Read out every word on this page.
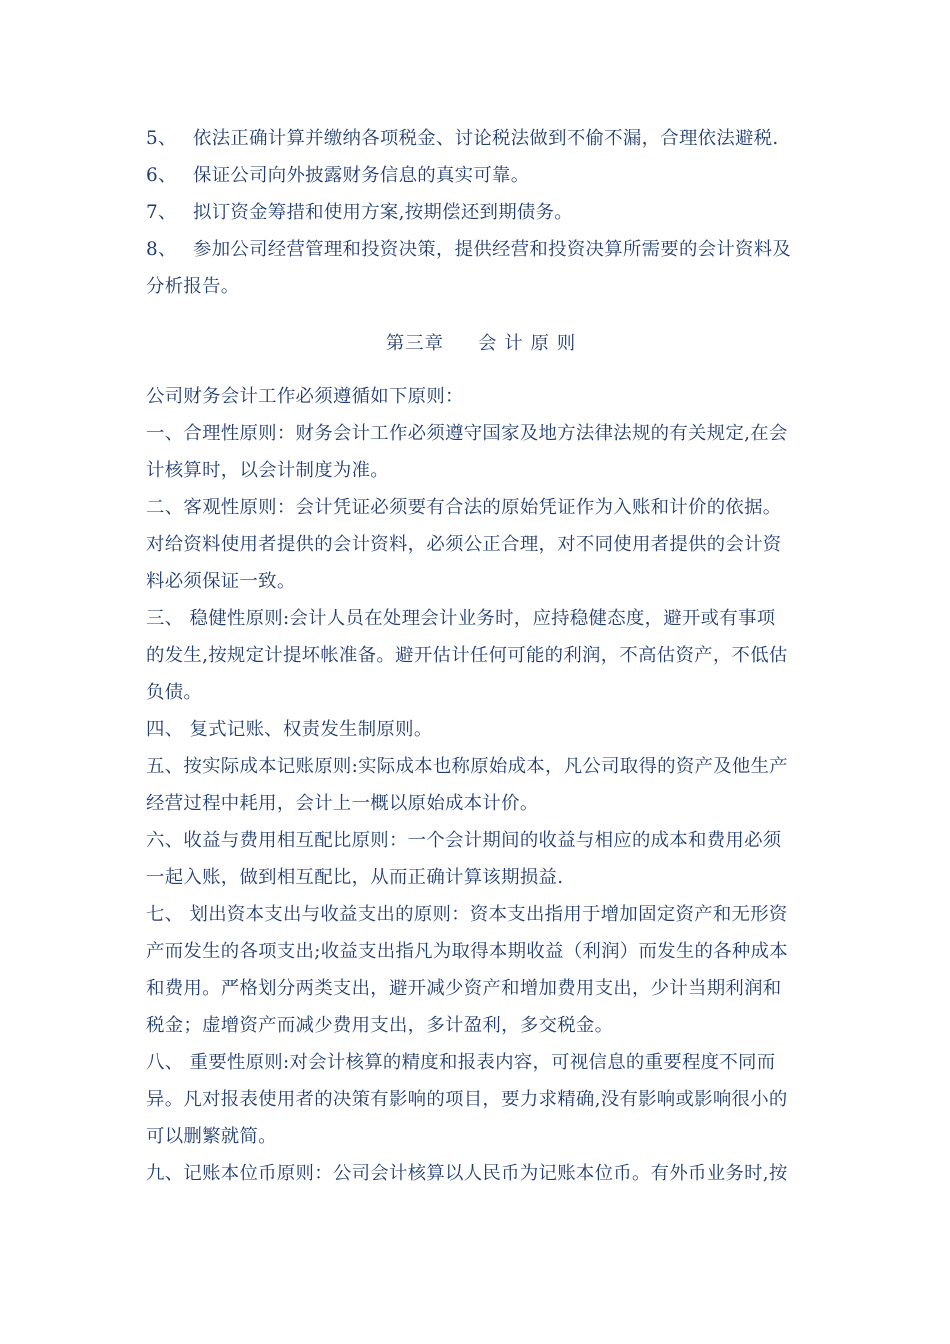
5、 依法正确计算并缴纳各项税金、讨论税法做到不偷不漏，合理依法避税.

6、 保证公司向外披露财务信息的真实可靠。

7、 拟订资金筹措和使用方案,按期偿还到期债务。

8、 参加公司经营管理和投资决策，提供经营和投资决算所需要的会计资料及

分析报告。

第三章 会 计 原 则

公司财务会计工作必须遵循如下原则：

一、合理性原则：财务会计工作必须遵守国家及地方法律法规的有关规定,在会

计核算时，以会计制度为准。

二、客观性原则：会计凭证必须要有合法的原始凭证作为入账和计价的依据。

对给资料使用者提供的会计资料，必须公正合理，对不同使用者提供的会计资

料必须保证一致。

三、 稳健性原则:会计人员在处理会计业务时，应持稳健态度，避开或有事项

的发生,按规定计提坏帐准备。避开估计任何可能的利润，不高估资产，不低估

负债。

四、 复式记账、权责发生制原则。

五、按实际成本记账原则:实际成本也称原始成本，凡公司取得的资产及他生产

经营过程中耗用，会计上一概以原始成本计价。

六、收益与费用相互配比原则：一个会计期间的收益与相应的成本和费用必须

一起入账，做到相互配比，从而正确计算该期损益.

七、 划出资本支出与收益支出的原则：资本支出指用于增加固定资产和无形资

产而发生的各项支出;收益支出指凡为取得本期收益（利润）而发生的各种成本

和费用。严格划分两类支出，避开减少资产和增加费用支出，少计当期利润和

税金；虚增资产而减少费用支出，多计盈利，多交税金。

八、 重要性原则:对会计核算的精度和报表内容，可视信息的重要程度不同而

异。凡对报表使用者的决策有影响的项目，要力求精确,没有影响或影响很小的

可以删繁就简。

九、记账本位币原则：公司会计核算以人民币为记账本位币。有外币业务时,按
